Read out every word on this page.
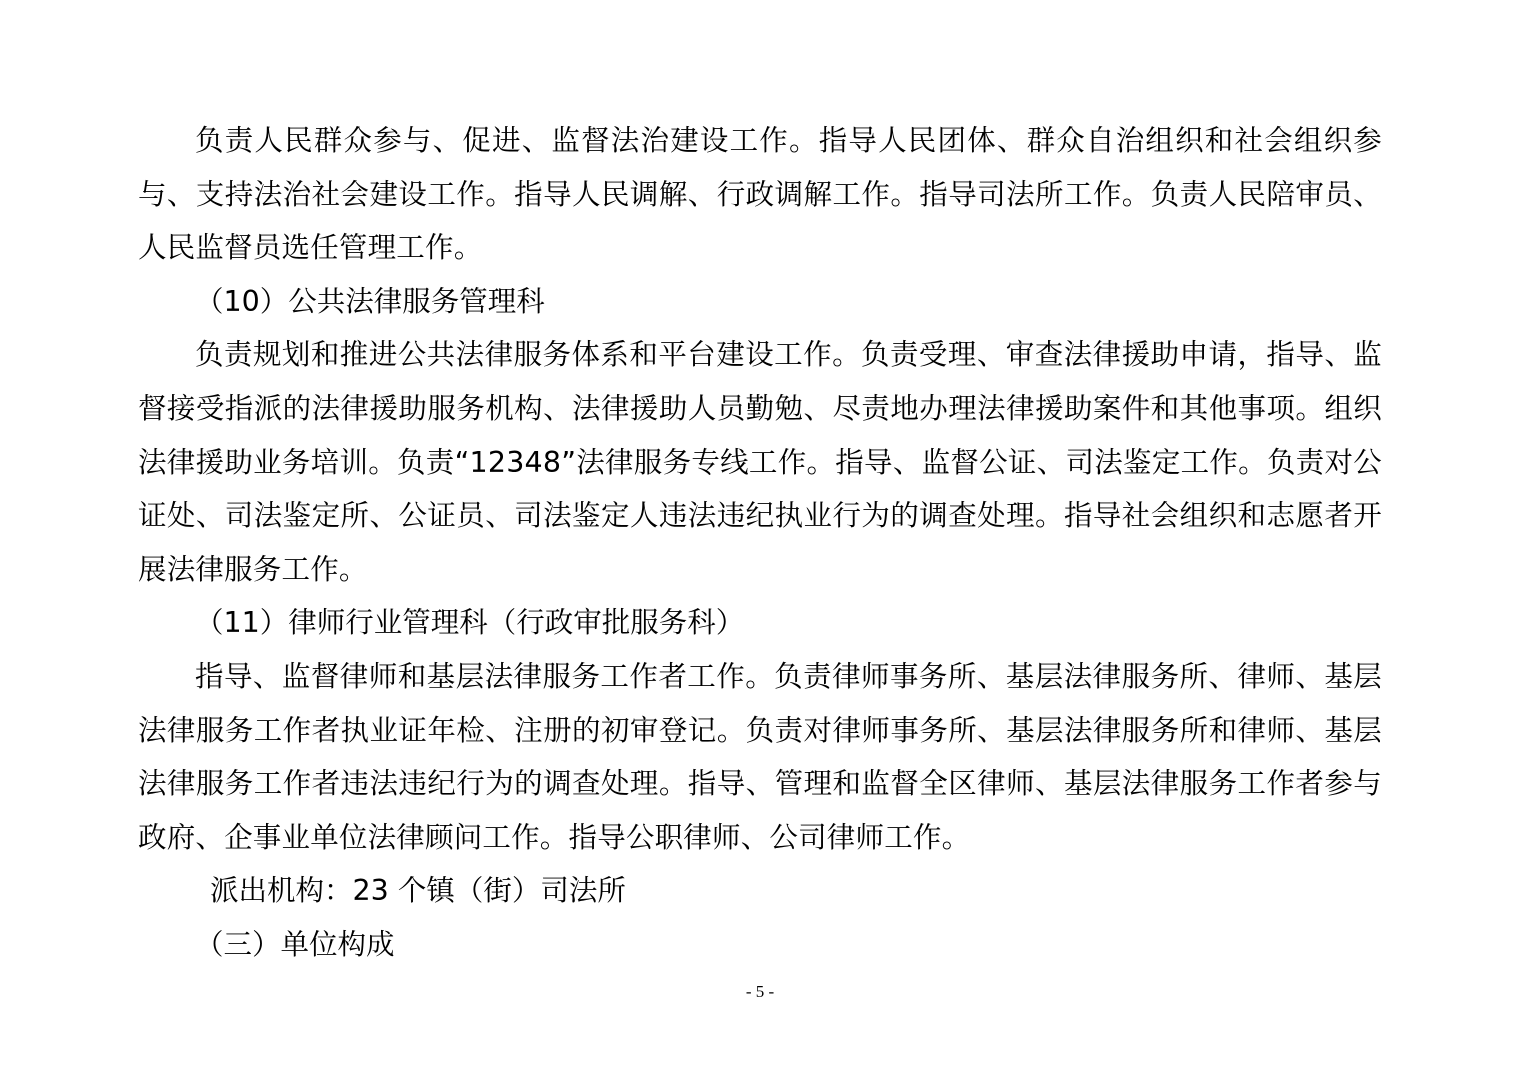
负责人民群众参与、促进、监督法治建设工作。指导人民团体、群众自治组织和社会组织参与、支持法治社会建设工作。指导人民调解、行政调解工作。指导司法所工作。负责人民陪审员、人民监督员选任管理工作。

（10）公共法律服务管理科

负责规划和推进公共法律服务体系和平台建设工作。负责受理、审查法律援助申请，指导、监督接受指派的法律援助服务机构、法律援助人员勤勉、尽责地办理法律援助案件和其他事项。组织法律援助业务培训。负责“12348”法律服务专线工作。指导、监督公证、司法鉴定工作。负责对公证处、司法鉴定所、公证员、司法鉴定人违法违纪执业行为的调查处理。指导社会组织和志愿者开展法律服务工作。

（11）律师行业管理科（行政审批服务科）

指导、监督律师和基层法律服务工作者工作。负责律师事务所、基层法律服务所、律师、基层法律服务工作者执业证年检、注册的初审登记。负责对律师事务所、基层法律服务所和律师、基层法律服务工作者违法违纪行为的调查处理。指导、管理和监督全区律师、基层法律服务工作者参与政府、企事业单位法律顾问工作。指导公职律师、公司律师工作。

派出机构：23 个镇（街）司法所

（三）单位构成

- 5 -
